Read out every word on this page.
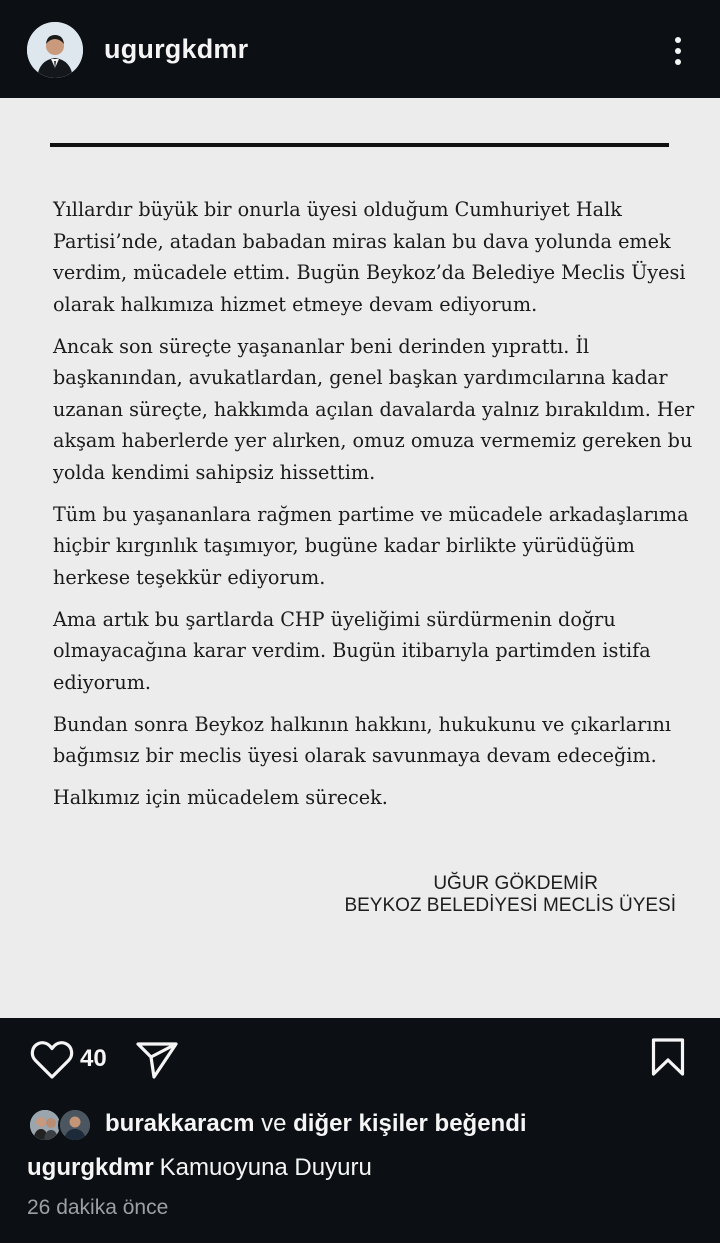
ugurgkdmr

Yıllardır büyük bir onurla üyesi olduğum Cumhuriyet Halk Partisi’nde, atadan babadan miras kalan bu dava yolunda emek verdim, mücadele ettim. Bugün Beykoz’da Belediye Meclis Üyesi olarak halkımıza hizmet etmeye devam ediyorum.

Ancak son süreçte yaşananlar beni derinden yıprattı. İl başkanından, avukatlardan, genel başkan yardımcılarına kadar uzanan süreçte, hakkımda açılan davalarda yalnız bırakıldım. Her akşam haberlerde yer alırken, omuz omuza vermemiz gereken bu yolda kendimi sahipsiz hissettim.

Tüm bu yaşananlara rağmen partime ve mücadele arkadaşlarıma hiçbir kırgınlık taşımıyor, bugüne kadar birlikte yürüdüğüm herkese teşekkür ediyorum.

Ama artık bu şartlarda CHP üyeliğimi sürdürmenin doğru olmayacağına karar verdim. Bugün itibarıyla partimden istifa ediyorum.

Bundan sonra Beykoz halkının hakkını, hukukunu ve çıkarlarını bağımsız bir meclis üyesi olarak savunmaya devam edeceğim.

Halkımız için mücadelem sürecek.

UĞUR GÖKDEMİR
BEYKOZ BELEDİYESİ MECLİS ÜYESİ
40
burakkaracm ve diğer kişiler beğendi
ugurgkdmr Kamuoyuna Duyuru
26 dakika önce
